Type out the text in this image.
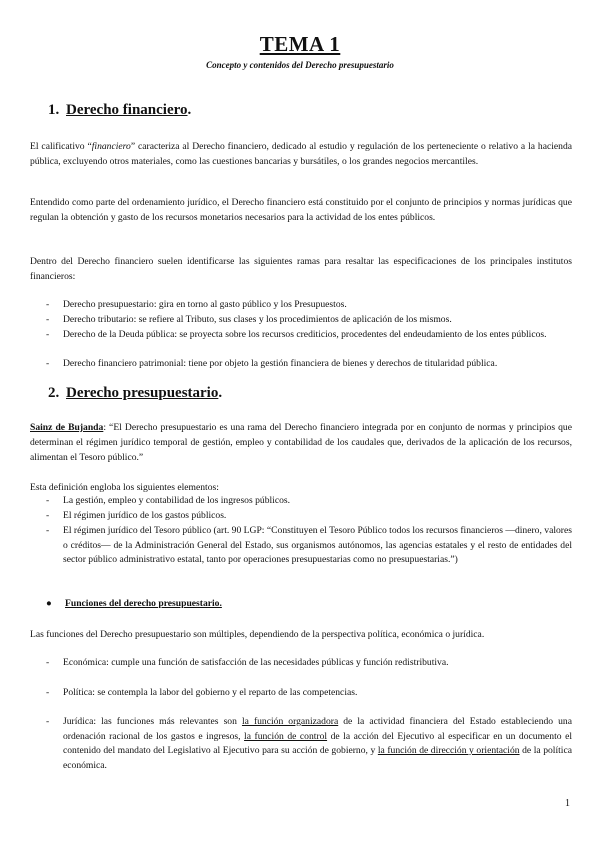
TEMA 1
Concepto y contenidos del Derecho presupuestario
1. Derecho financiero.
El calificativo “financiero” caracteriza al Derecho financiero, dedicado al estudio y regulación de los perteneciente o relativo a la hacienda pública, excluyendo otros materiales, como las cuestiones bancarias y bursátiles, o los grandes negocios mercantiles.
Entendido como parte del ordenamiento jurídico, el Derecho financiero está constituido por el conjunto de principios y normas jurídicas que regulan la obtención y gasto de los recursos monetarios necesarios para la actividad de los entes públicos.
Dentro del Derecho financiero suelen identificarse las siguientes ramas para resaltar las especificaciones de los principales institutos financieros:
- Derecho presupuestario: gira en torno al gasto público y los Presupuestos.
- Derecho tributario: se refiere al Tributo, sus clases y los procedimientos de aplicación de los mismos.
- Derecho de la Deuda pública: se proyecta sobre los recursos crediticios, procedentes del endeudamiento de los entes públicos.
- Derecho financiero patrimonial: tiene por objeto la gestión financiera de bienes y derechos de titularidad pública.
2. Derecho presupuestario.
Sainz de Bujanda: “El Derecho presupuestario es una rama del Derecho financiero integrada por en conjunto de normas y principios que determinan el régimen jurídico temporal de gestión, empleo y contabilidad de los caudales que, derivados de la aplicación de los recursos, alimentan el Tesoro público.”
Esta definición engloba los siguientes elementos:
- La gestión, empleo y contabilidad de los ingresos públicos.
- El régimen jurídico de los gastos públicos.
- El régimen jurídico del Tesoro público (art. 90 LGP: “Constituyen el Tesoro Público todos los recursos financieros —dinero, valores o créditos— de la Administración General del Estado, sus organismos autónomos, las agencias estatales y el resto de entidades del sector público administrativo estatal, tanto por operaciones presupuestarias como no presupuestarias.”)
● Funciones del derecho presupuestario.
Las funciones del Derecho presupuestario son múltiples, dependiendo de la perspectiva política, económica o jurídica.
- Económica: cumple una función de satisfacción de las necesidades públicas y función redistributiva.
- Política: se contempla la labor del gobierno y el reparto de las competencias.
- Jurídica: las funciones más relevantes son la función organizadora de la actividad financiera del Estado estableciendo una ordenación racional de los gastos e ingresos, la función de control de la acción del Ejecutivo al especificar en un documento el contenido del mandato del Legislativo al Ejecutivo para su acción de gobierno, y la función de dirección y orientación de la política económica.
1
